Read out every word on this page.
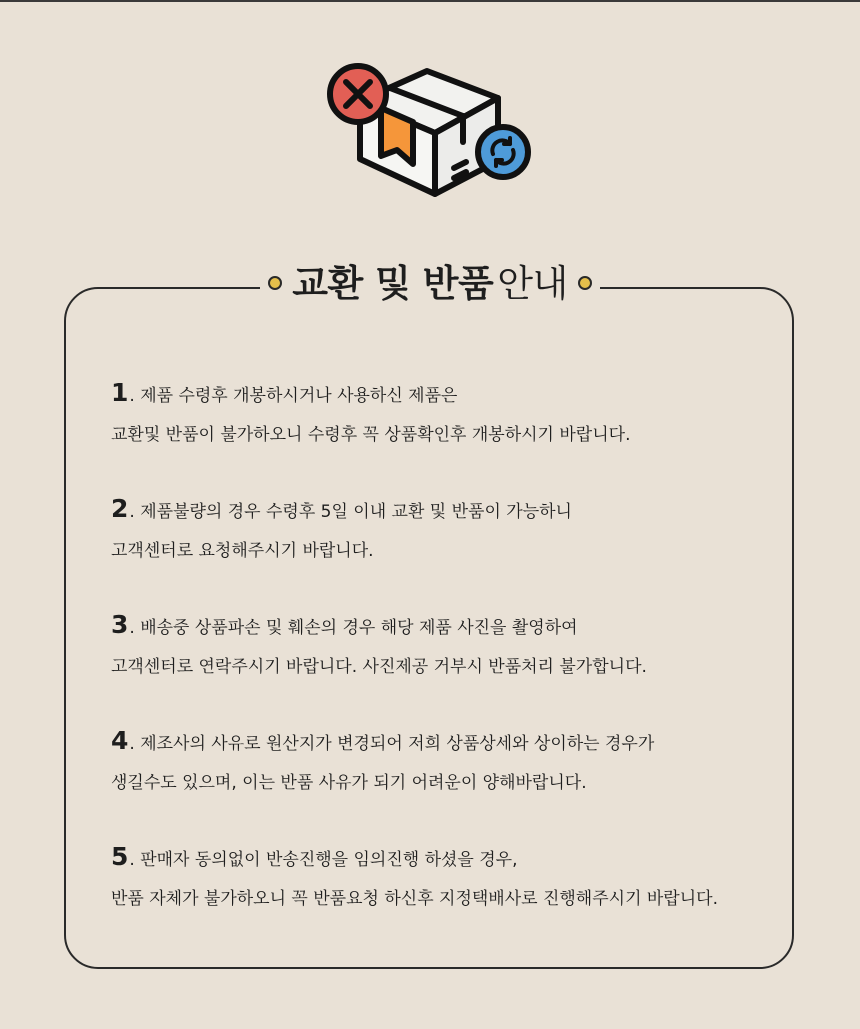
교환 및 반품 안내
1. 제품 수령후 개봉하시거나 사용하신 제품은
교환및 반품이 불가하오니 수령후 꼭 상품확인후 개봉하시기 바랍니다.
2. 제품불량의 경우 수령후 5일 이내 교환 및 반품이 가능하니
고객센터로 요청해주시기 바랍니다.
3. 배송중 상품파손 및 훼손의 경우 해당 제품 사진을 촬영하여
고객센터로 연락주시기 바랍니다. 사진제공 거부시 반품처리 불가합니다.
4. 제조사의 사유로 원산지가 변경되어 저희 상품상세와 상이하는 경우가
생길수도 있으며, 이는 반품 사유가 되기 어려운이 양해바랍니다.
5. 판매자 동의없이 반송진행을 임의진행 하셨을 경우,
반품 자체가 불가하오니 꼭 반품요청 하신후 지정택배사로 진행해주시기 바랍니다.
